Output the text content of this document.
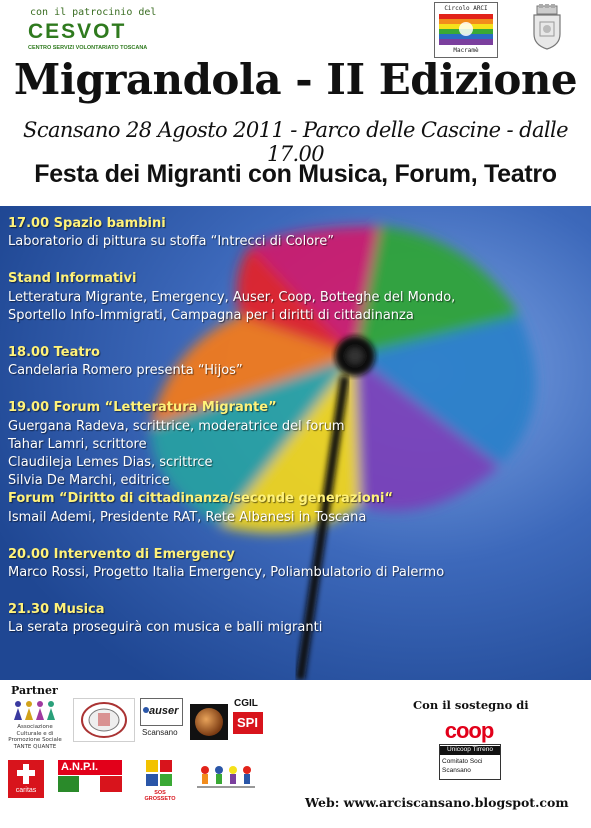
con il patrocinio del
CESVOT
CENTRO SERVIZI VOLONTARIATO TOSCANA
Circolo ARCI
Macramè
Migrandola - II Edizione
Scansano 28 Agosto 2011 - Parco delle Cascine - dalle 17.00
Festa dei Migranti con Musica, Forum, Teatro
17.00 Spazio bambini
Laboratorio di pittura su stoffa “Intrecci di Colore”
Stand Informativi
Letteratura Migrante, Emergency, Auser, Coop, Botteghe del Mondo,
Sportello Info-Immigrati, Campagna per i diritti di cittadinanza
18.00 Teatro
Candelaria Romero presenta “Hijos”
19.00 Forum “Letteratura Migrante”
Guergana Radeva, scrittrice, moderatrice del forum
Tahar Lamri, scrittore
Claudileja Lemes Dias, scrittrce
Silvia De Marchi, editrice
Forum “Diritto di cittadinanza/seconde generazioni“
Ismail Ademi, Presidente RAT, Rete Albanesi in Toscana
20.00 Intervento di Emergency
Marco Rossi, Progetto Italia Emergency, Poliambulatorio di Palermo
21.30 Musica
La serata proseguirà con musica e balli migranti
Partner
Associazione Culturale e di Promozione Sociale TANTE QUANTE
auser
Scansano
CGIL
SPI
caritas
A.N.P.I.
SOS GROSSETO
Con il sostegno di
coop
Unicoop Tirreno
Comitato Soci
Scansano
Web: www.arciscansano.blogspot.com
